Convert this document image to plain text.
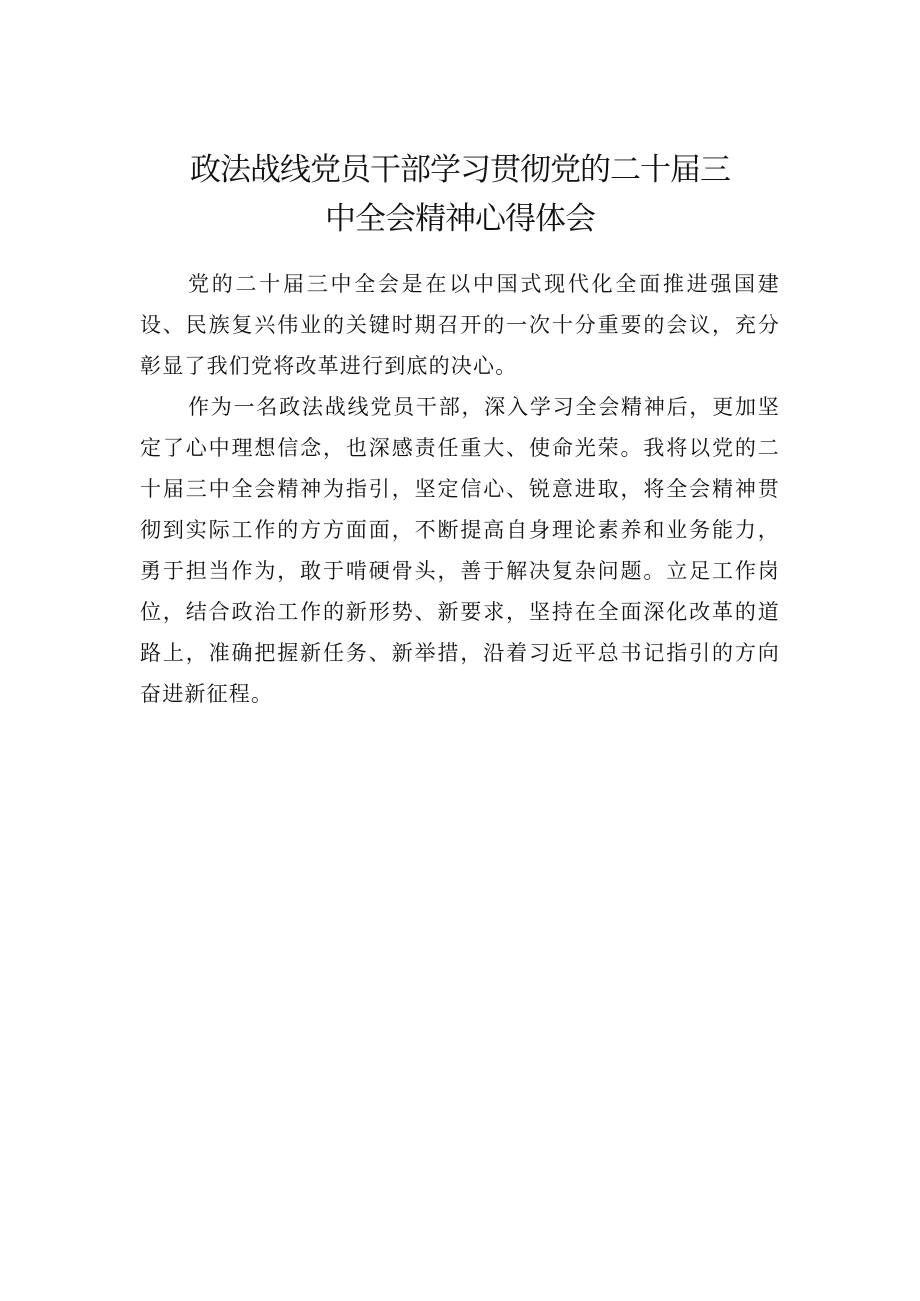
政法战线党员干部学习贯彻党的二十届三
中全会精神心得体会

党的二十届三中全会是在以中国式现代化全面推进强国建
设、民族复兴伟业的关键时期召开的一次十分重要的会议，充分
彰显了我们党将改革进行到底的决心。

作为一名政法战线党员干部，深入学习全会精神后，更加坚
定了心中理想信念，也深感责任重大、使命光荣。我将以党的二
十届三中全会精神为指引，坚定信心、锐意进取，将全会精神贯
彻到实际工作的方方面面，不断提高自身理论素养和业务能力，
勇于担当作为，敢于啃硬骨头，善于解决复杂问题。立足工作岗
位，结合政治工作的新形势、新要求，坚持在全面深化改革的道
路上，准确把握新任务、新举措，沿着习近平总书记指引的方向
奋进新征程。
